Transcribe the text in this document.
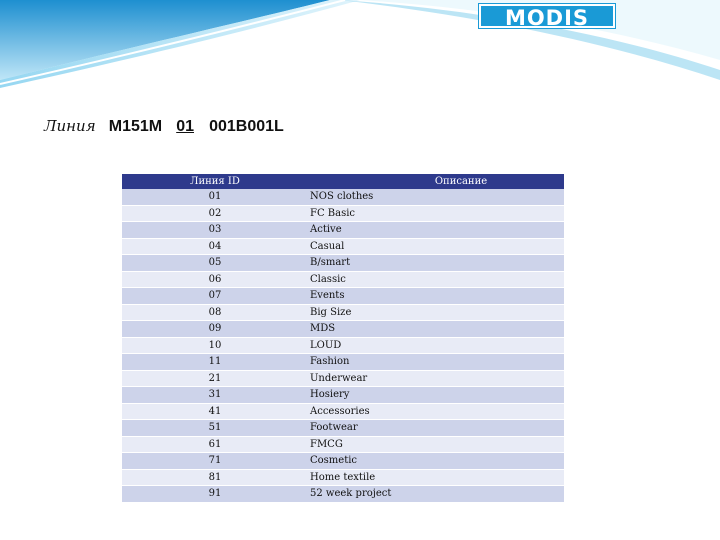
MODIS
Линия M151M 01 001B001L
Линия ID	Описание
01	NOS clothes
02	FC Basic
03	Active
04	Casual
05	B/smart
06	Classic
07	Events
08	Big Size
09	MDS
10	LOUD
11	Fashion
21	Underwear
31	Hosiery
41	Accessories
51	Footwear
61	FMCG
71	Cosmetic
81	Home textile
91	52 week project
